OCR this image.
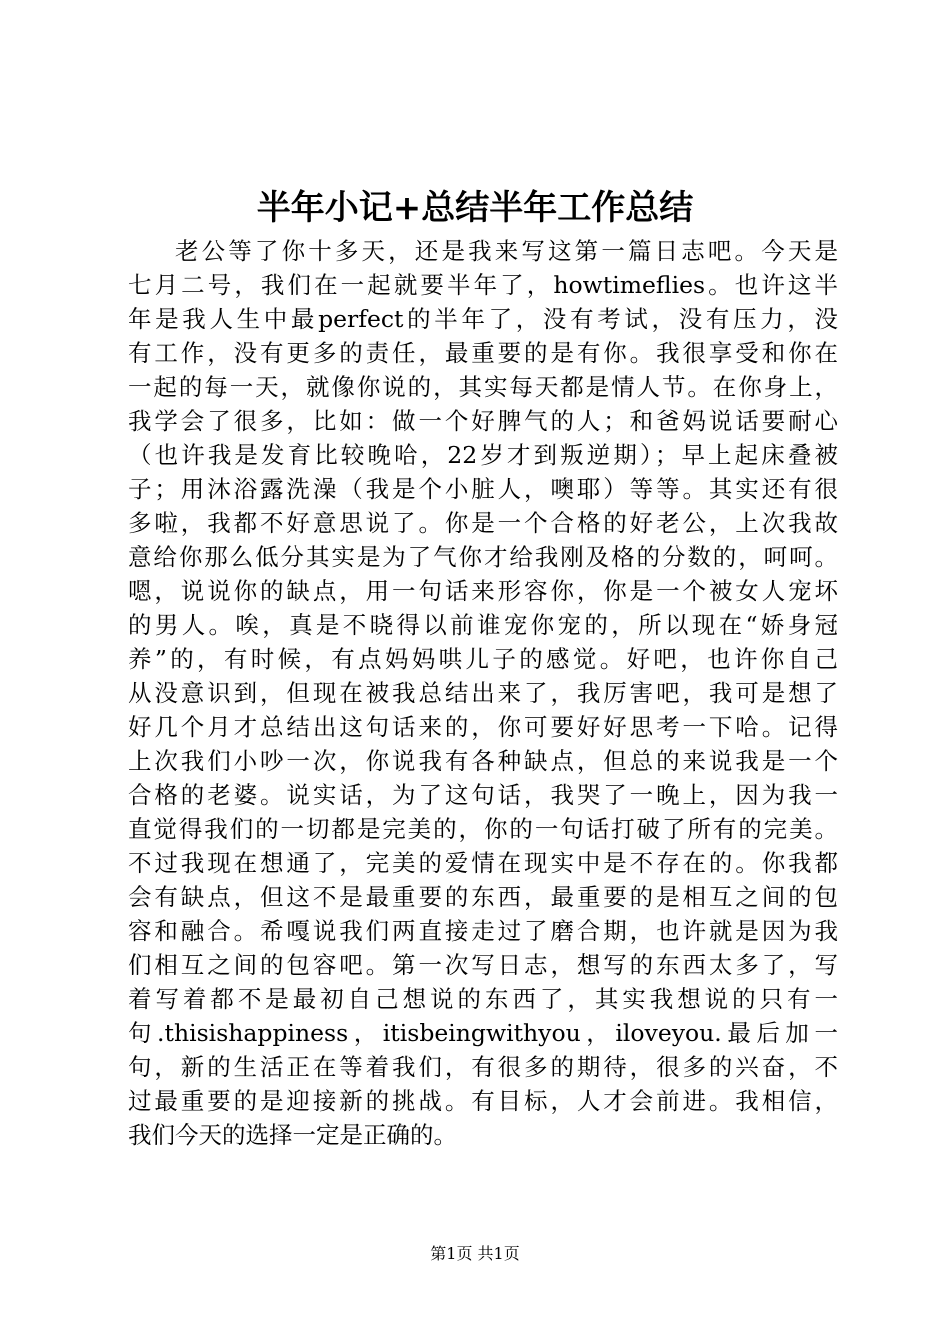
半年小记+总结半年工作总结
老公等了你十多天，还是我来写这第一篇日志吧。今天是
七月二号，我们在一起就要半年了，howtimeflies。也许这半
年是我人生中最perfect的半年了，没有考试，没有压力，没
有工作，没有更多的责任，最重要的是有你。我很享受和你在
一起的每一天，就像你说的，其实每天都是情人节。在你身上，
我学会了很多，比如：做一个好脾气的人；和爸妈说话要耐心
（也许我是发育比较晚哈，22岁才到叛逆期）；早上起床叠被
子；用沐浴露洗澡（我是个小脏人，噢耶）等等。其实还有很
多啦，我都不好意思说了。你是一个合格的好老公，上次我故
意给你那么低分其实是为了气你才给我刚及格的分数的，呵呵。
嗯，说说你的缺点，用一句话来形容你，你是一个被女人宠坏
的男人。唉，真是不晓得以前谁宠你宠的，所以现在“娇身冠
养”的，有时候，有点妈妈哄儿子的感觉。好吧，也许你自己
从没意识到，但现在被我总结出来了，我厉害吧，我可是想了
好几个月才总结出这句话来的，你可要好好思考一下哈。记得
上次我们小吵一次，你说我有各种缺点，但总的来说我是一个
合格的老婆。说实话，为了这句话，我哭了一晚上，因为我一
直觉得我们的一切都是完美的，你的一句话打破了所有的完美。
不过我现在想通了，完美的爱情在现实中是不存在的。你我都
会有缺点，但这不是最重要的东西，最重要的是相互之间的包
容和融合。希嘎说我们两直接走过了磨合期，也许就是因为我
们相互之间的包容吧。第一次写日志，想写的东西太多了，写
着写着都不是最初自己想说的东西了，其实我想说的只有一
句.thisishappiness，itisbeingwithyou，iloveyou.最后加一
句，新的生活正在等着我们，有很多的期待，很多的兴奋，不
过最重要的是迎接新的挑战。有目标，人才会前进。我相信，
我们今天的选择一定是正确的。
第1页 共1页
